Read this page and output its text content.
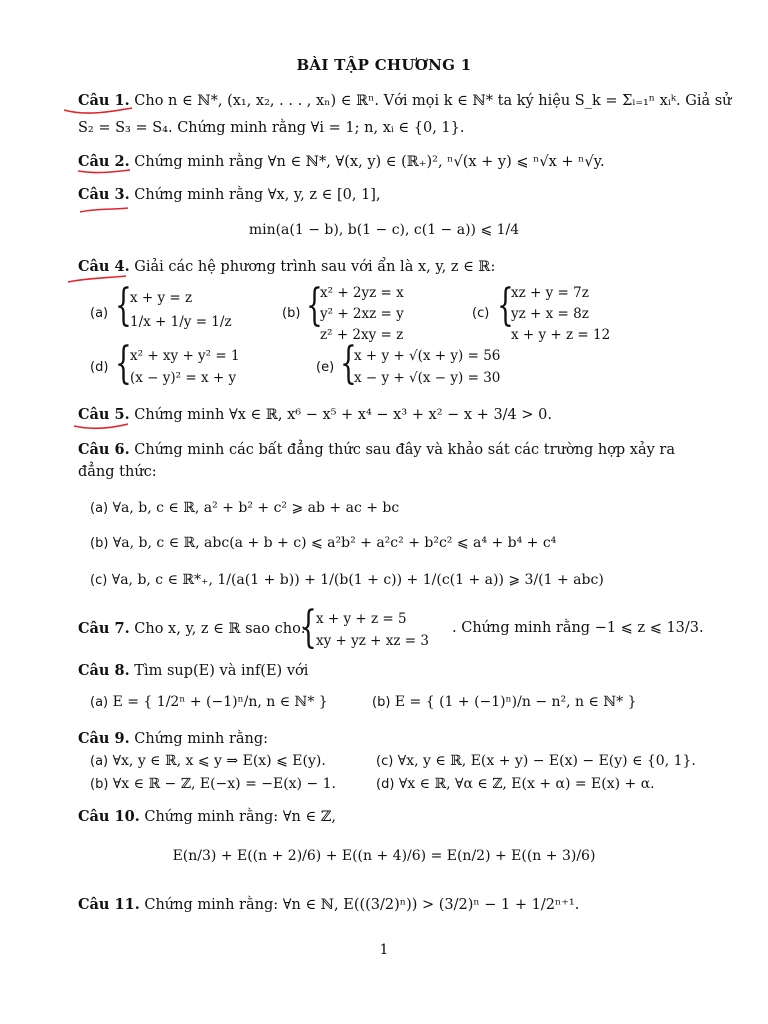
BÀI TẬP CHƯƠNG 1
Câu 1. Cho n ∈ ℕ*, (x₁, x₂, . . . , xₙ) ∈ ℝⁿ. Với mọi k ∈ ℕ* ta ký hiệu S_k = Σᵢ₌₁ⁿ xᵢᵏ. Giả sử
S₂ = S₃ = S₄. Chứng minh rằng ∀i = 1; n, xᵢ ∈ {0, 1}.
Câu 2. Chứng minh rằng ∀n ∈ ℕ*, ∀(x, y) ∈ (ℝ₊)², ⁿ√(x + y) ⩽ ⁿ√x + ⁿ√y.
Câu 3. Chứng minh rằng ∀x, y, z ∈ [0, 1],
min(a(1 − b), b(1 − c), c(1 − a)) ⩽ 1/4
Câu 4. Giải các hệ phương trình sau với ẩn là x, y, z ∈ ℝ:
(a) {
x + y = z
1/x + 1/y = 1/z
(b) {
x² + 2yz = x
y² + 2xz = y
z² + 2xy = z
(c) {
xz + y = 7z
yz + x = 8z
x + y + z = 12
(d) {
x² + xy + y² = 1
(x − y)² = x + y
(e) {
x + y + √(x + y) = 56
x − y + √(x − y) = 30
Câu 5. Chứng minh ∀x ∈ ℝ, x⁶ − x⁵ + x⁴ − x³ + x² − x + 3/4 > 0.
Câu 6. Chứng minh các bất đẳng thức sau đây và khảo sát các trường hợp xảy ra
đẳng thức:
(a) ∀a, b, c ∈ ℝ, a² + b² + c² ⩾ ab + ac + bc
(b) ∀a, b, c ∈ ℝ, abc(a + b + c) ⩽ a²b² + a²c² + b²c² ⩽ a⁴ + b⁴ + c⁴
(c) ∀a, b, c ∈ ℝ*₊, 1/(a(1 + b)) + 1/(b(1 + c)) + 1/(c(1 + a)) ⩾ 3/(1 + abc)
Câu 7. Cho x, y, z ∈ ℝ sao cho:
{ x + y + z = 5
xy + yz + xz = 3
. Chứng minh rằng −1 ⩽ z ⩽ 13/3.
Câu 8. Tìm sup(E) và inf(E) với
(a) E = { 1/2ⁿ + (−1)ⁿ/n, n ∈ ℕ* }	(b) E = { (1 + (−1)ⁿ)/n − n², n ∈ ℕ* }
Câu 9. Chứng minh rằng:
(a) ∀x, y ∈ ℝ, x ⩽ y ⇒ E(x) ⩽ E(y).	(c) ∀x, y ∈ ℝ, E(x + y) − E(x) − E(y) ∈ {0, 1}.
(b) ∀x ∈ ℝ − ℤ, E(−x) = −E(x) − 1.	(d) ∀x ∈ ℝ, ∀α ∈ ℤ, E(x + α) = E(x) + α.
Câu 10. Chứng minh rằng: ∀n ∈ ℤ,
E(n/3) + E((n + 2)/6) + E((n + 4)/6) = E(n/2) + E((n + 3)/6)
Câu 11. Chứng minh rằng: ∀n ∈ ℕ, E(((3/2)ⁿ)) > (3/2)ⁿ − 1 + 1/2ⁿ⁺¹.
1
